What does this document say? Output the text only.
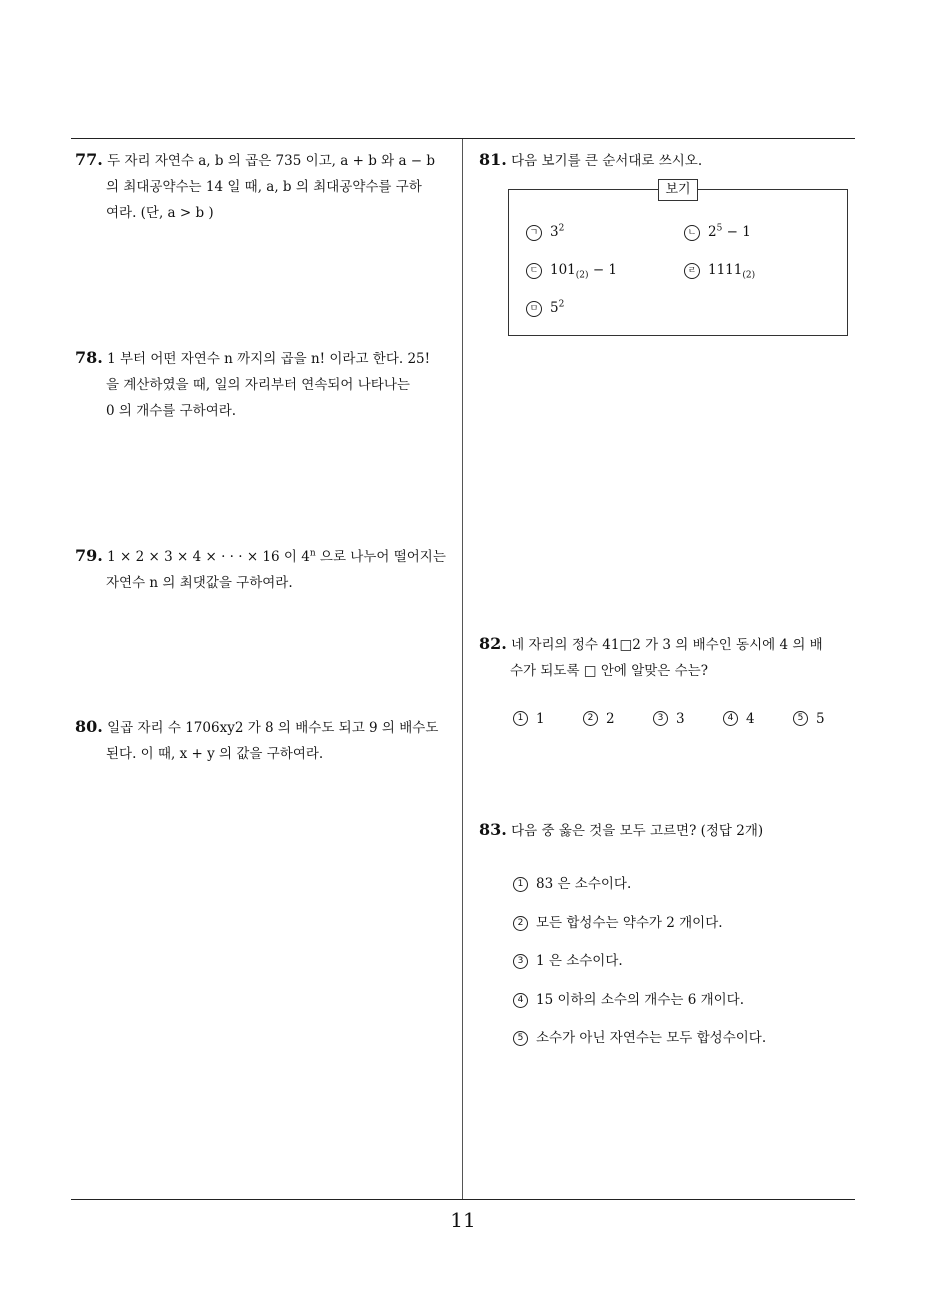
77. 두 자리 자연수 a, b 의 곱은 735 이고, a + b 와 a − b
의 최대공약수는 14 일 때, a, b 의 최대공약수를 구하
여라. (단, a > b )
78. 1 부터 어떤 자연수 n 까지의 곱을 n! 이라고 한다. 25!
을 계산하였을 때, 일의 자리부터 연속되어 나타나는
0 의 개수를 구하여라.
79. 1 × 2 × 3 × 4 × · · · × 16 이 4$^n$ 으로 나누어 떨어지는
자연수 n 의 최댓값을 구하여라.
80. 일곱 자리 수 1706xy2 가 8 의 배수도 되고 9 의 배수도
된다. 이 때, x + y 의 값을 구하여라.
81. 다음 보기를 큰 순서대로 쓰시오.
보기
ㄱ $3^2$	ㄴ $2^5 - 1$
ㄷ $101_{(2)} - 1$	ㄹ $1111_{(2)}$
ㅁ $5^2$
82. 네 자리의 정수 41□2 가 3 의 배수인 동시에 4 의 배
수가 되도록 □ 안에 알맞은 수는?
1 1	2 2	3 3	4 4	5 5
83. 다음 중 옳은 것을 모두 고르면? (정답 2개)
1 83 은 소수이다.
2 모든 합성수는 약수가 2 개이다.
3 1 은 소수이다.
4 15 이하의 소수의 개수는 6 개이다.
5 소수가 아닌 자연수는 모두 합성수이다.
11
